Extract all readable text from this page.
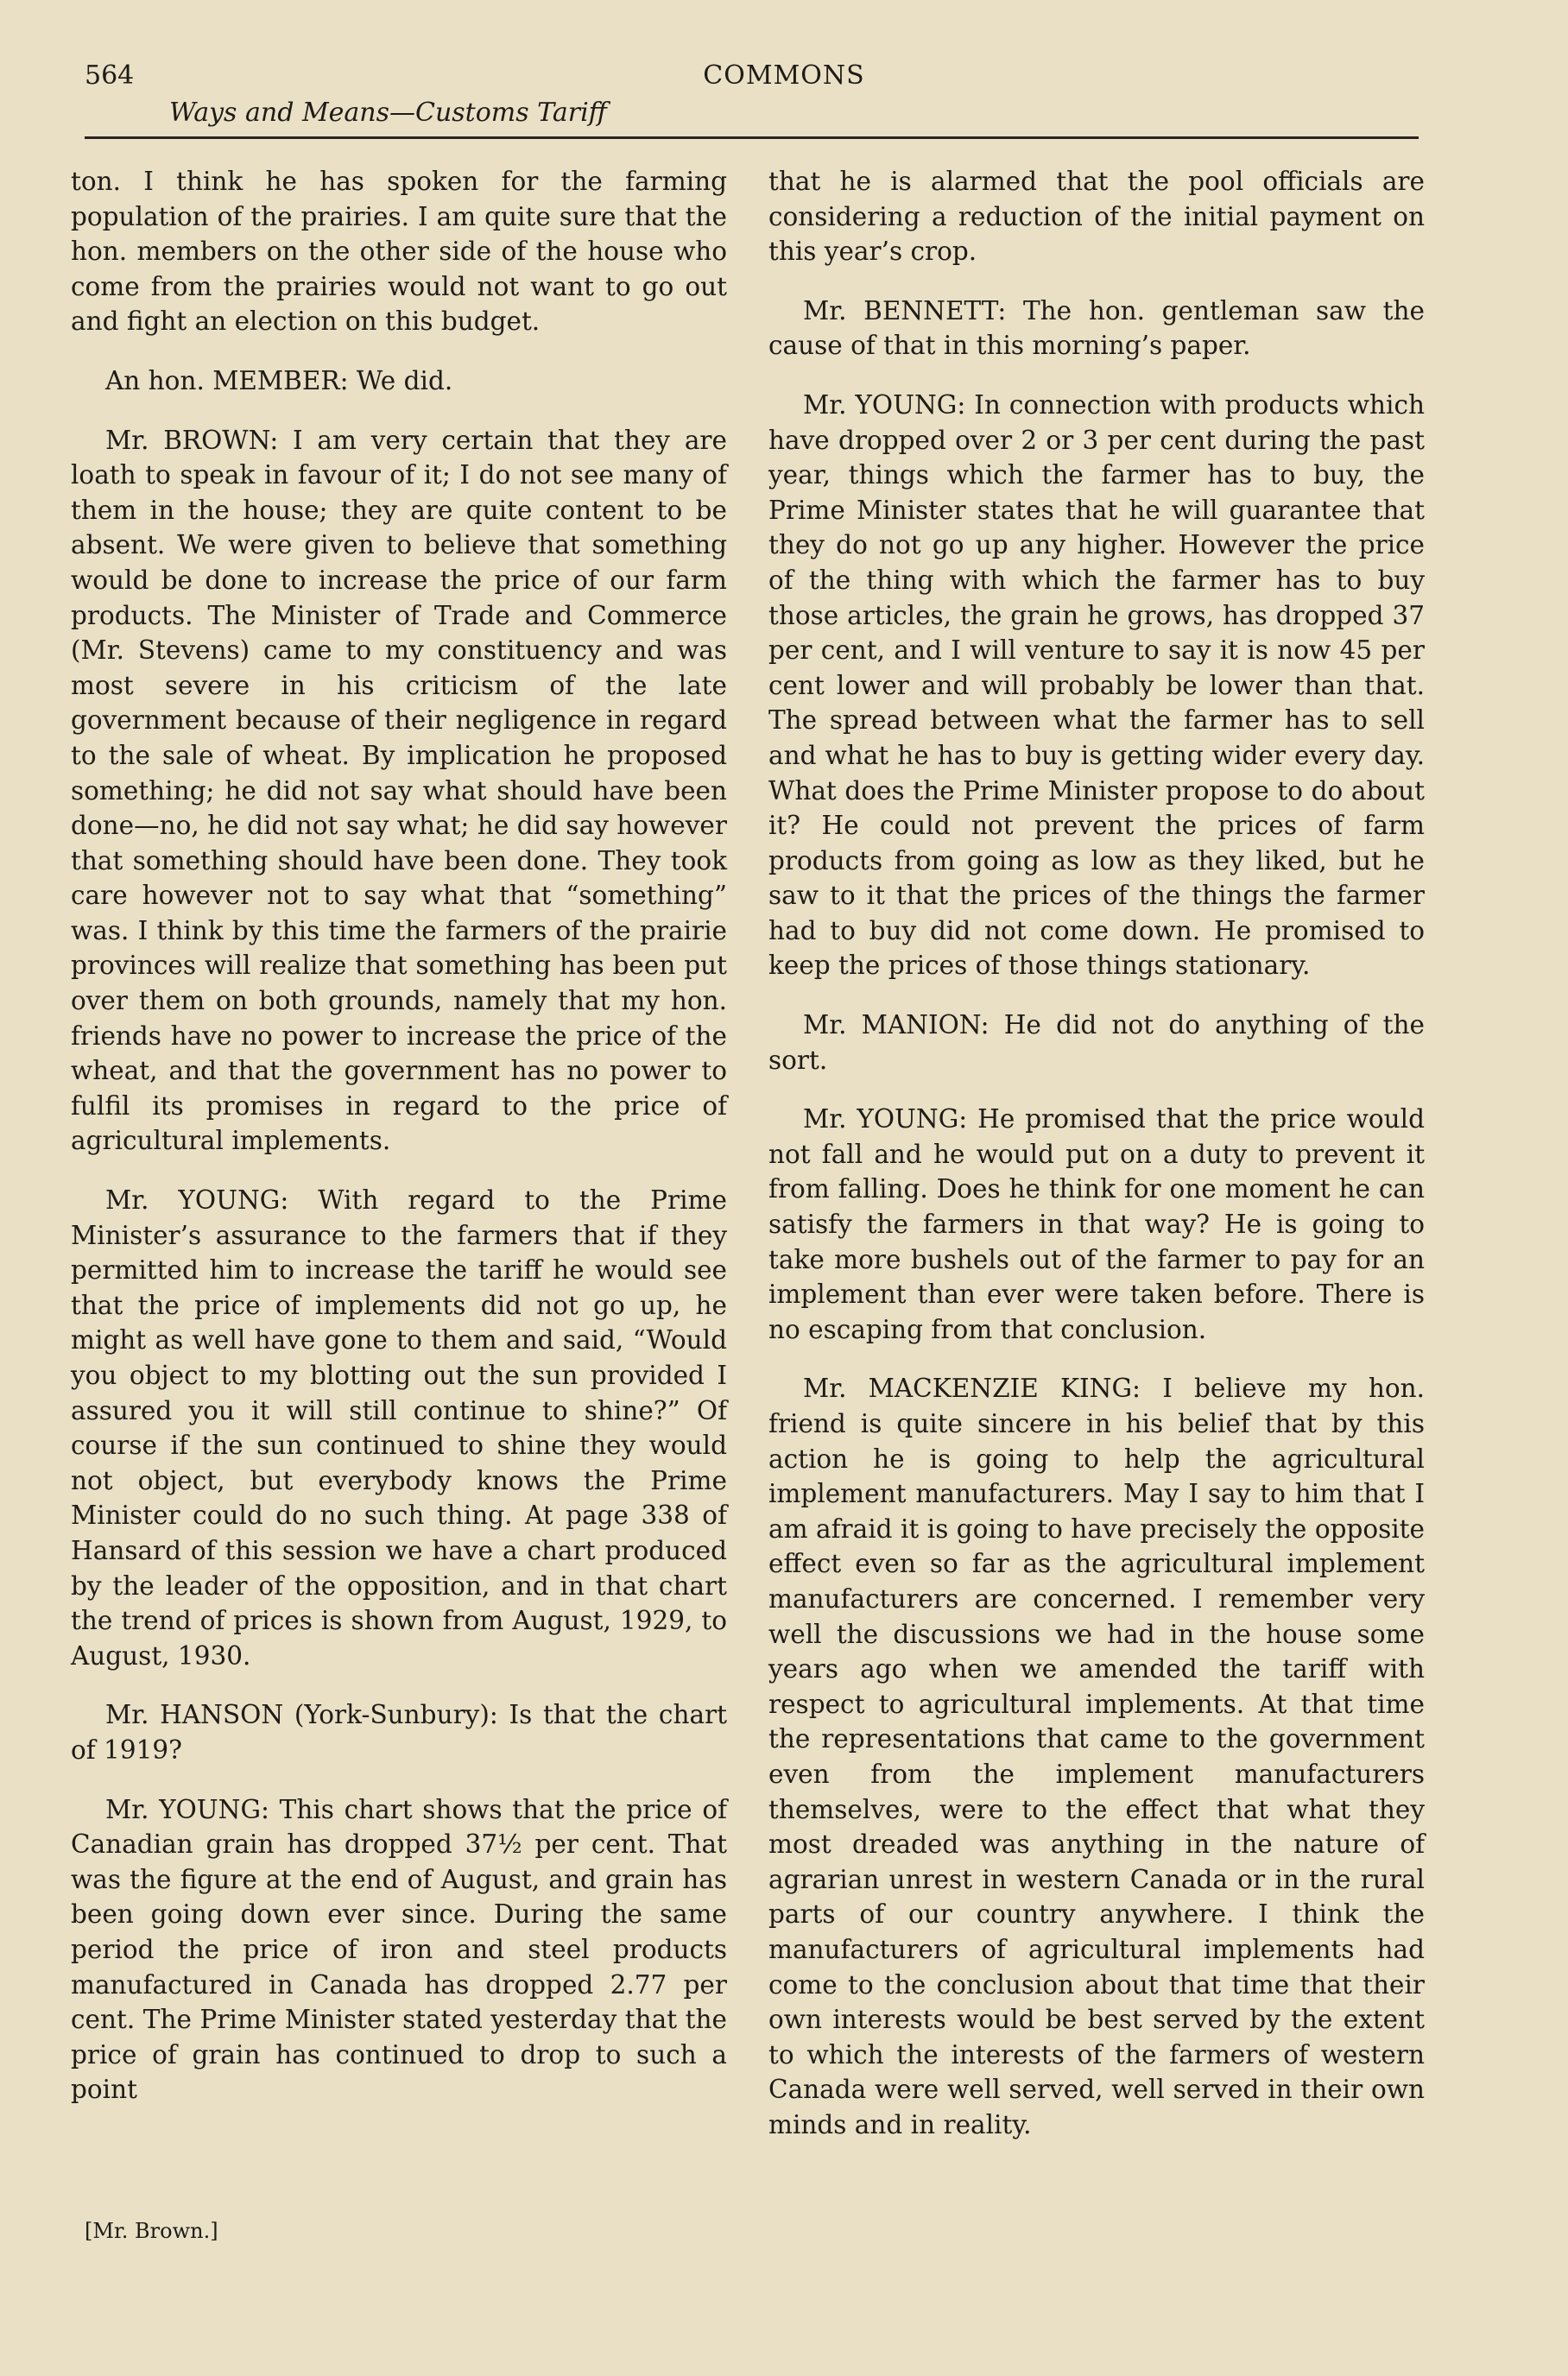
564	COMMONS
Ways and Means—Customs Tariff

ton. I think he has spoken for the farming population of the prairies. I am quite sure that the hon. members on the other side of the house who come from the prairies would not want to go out and fight an election on this budget.

An hon. MEMBER: We did.

Mr. BROWN: I am very certain that they are loath to speak in favour of it; I do not see many of them in the house; they are quite content to be absent. We were given to believe that something would be done to increase the price of our farm products. The Minister of Trade and Commerce (Mr. Stevens) came to my constituency and was most severe in his criticism of the late government because of their negligence in regard to the sale of wheat. By implication he proposed something; he did not say what should have been done—no, he did not say what; he did say however that something should have been done. They took care however not to say what that “something” was. I think by this time the farmers of the prairie provinces will realize that something has been put over them on both grounds, namely that my hon. friends have no power to increase the price of the wheat, and that the government has no power to fulfil its promises in regard to the price of agricultural implements.

Mr. YOUNG: With regard to the Prime Minister’s assurance to the farmers that if they permitted him to increase the tariff he would see that the price of implements did not go up, he might as well have gone to them and said, “Would you object to my blotting out the sun provided I assured you it will still continue to shine?” Of course if the sun continued to shine they would not object, but everybody knows the Prime Minister could do no such thing. At page 338 of Hansard of this session we have a chart produced by the leader of the opposition, and in that chart the trend of prices is shown from August, 1929, to August, 1930.

Mr. HANSON (York-Sunbury): Is that the chart of 1919?

Mr. YOUNG: This chart shows that the price of Canadian grain has dropped 37½ per cent. That was the figure at the end of August, and grain has been going down ever since. During the same period the price of iron and steel products manufactured in Canada has dropped 2.77 per cent. The Prime Minister stated yesterday that the price of grain has continued to drop to such a point

that he is alarmed that the pool officials are considering a reduction of the initial payment on this year’s crop.

Mr. BENNETT: The hon. gentleman saw the cause of that in this morning’s paper.

Mr. YOUNG: In connection with products which have dropped over 2 or 3 per cent during the past year, things which the farmer has to buy, the Prime Minister states that he will guarantee that they do not go up any higher. However the price of the thing with which the farmer has to buy those articles, the grain he grows, has dropped 37 per cent, and I will venture to say it is now 45 per cent lower and will probably be lower than that. The spread between what the farmer has to sell and what he has to buy is getting wider every day. What does the Prime Minister propose to do about it? He could not prevent the prices of farm products from going as low as they liked, but he saw to it that the prices of the things the farmer had to buy did not come down. He promised to keep the prices of those things stationary.

Mr. MANION: He did not do anything of the sort.

Mr. YOUNG: He promised that the price would not fall and he would put on a duty to prevent it from falling. Does he think for one moment he can satisfy the farmers in that way? He is going to take more bushels out of the farmer to pay for an implement than ever were taken before. There is no escaping from that conclusion.

Mr. MACKENZIE KING: I believe my hon. friend is quite sincere in his belief that by this action he is going to help the agricultural implement manufacturers. May I say to him that I am afraid it is going to have precisely the opposite effect even so far as the agricultural implement manufacturers are concerned. I remember very well the discussions we had in the house some years ago when we amended the tariff with respect to agricultural implements. At that time the representations that came to the government even from the implement manufacturers themselves, were to the effect that what they most dreaded was anything in the nature of agrarian unrest in western Canada or in the rural parts of our country anywhere. I think the manufacturers of agricultural implements had come to the conclusion about that time that their own interests would be best served by the extent to which the interests of the farmers of western Canada were well served, well served in their own minds and in reality.

[Mr. Brown.]
